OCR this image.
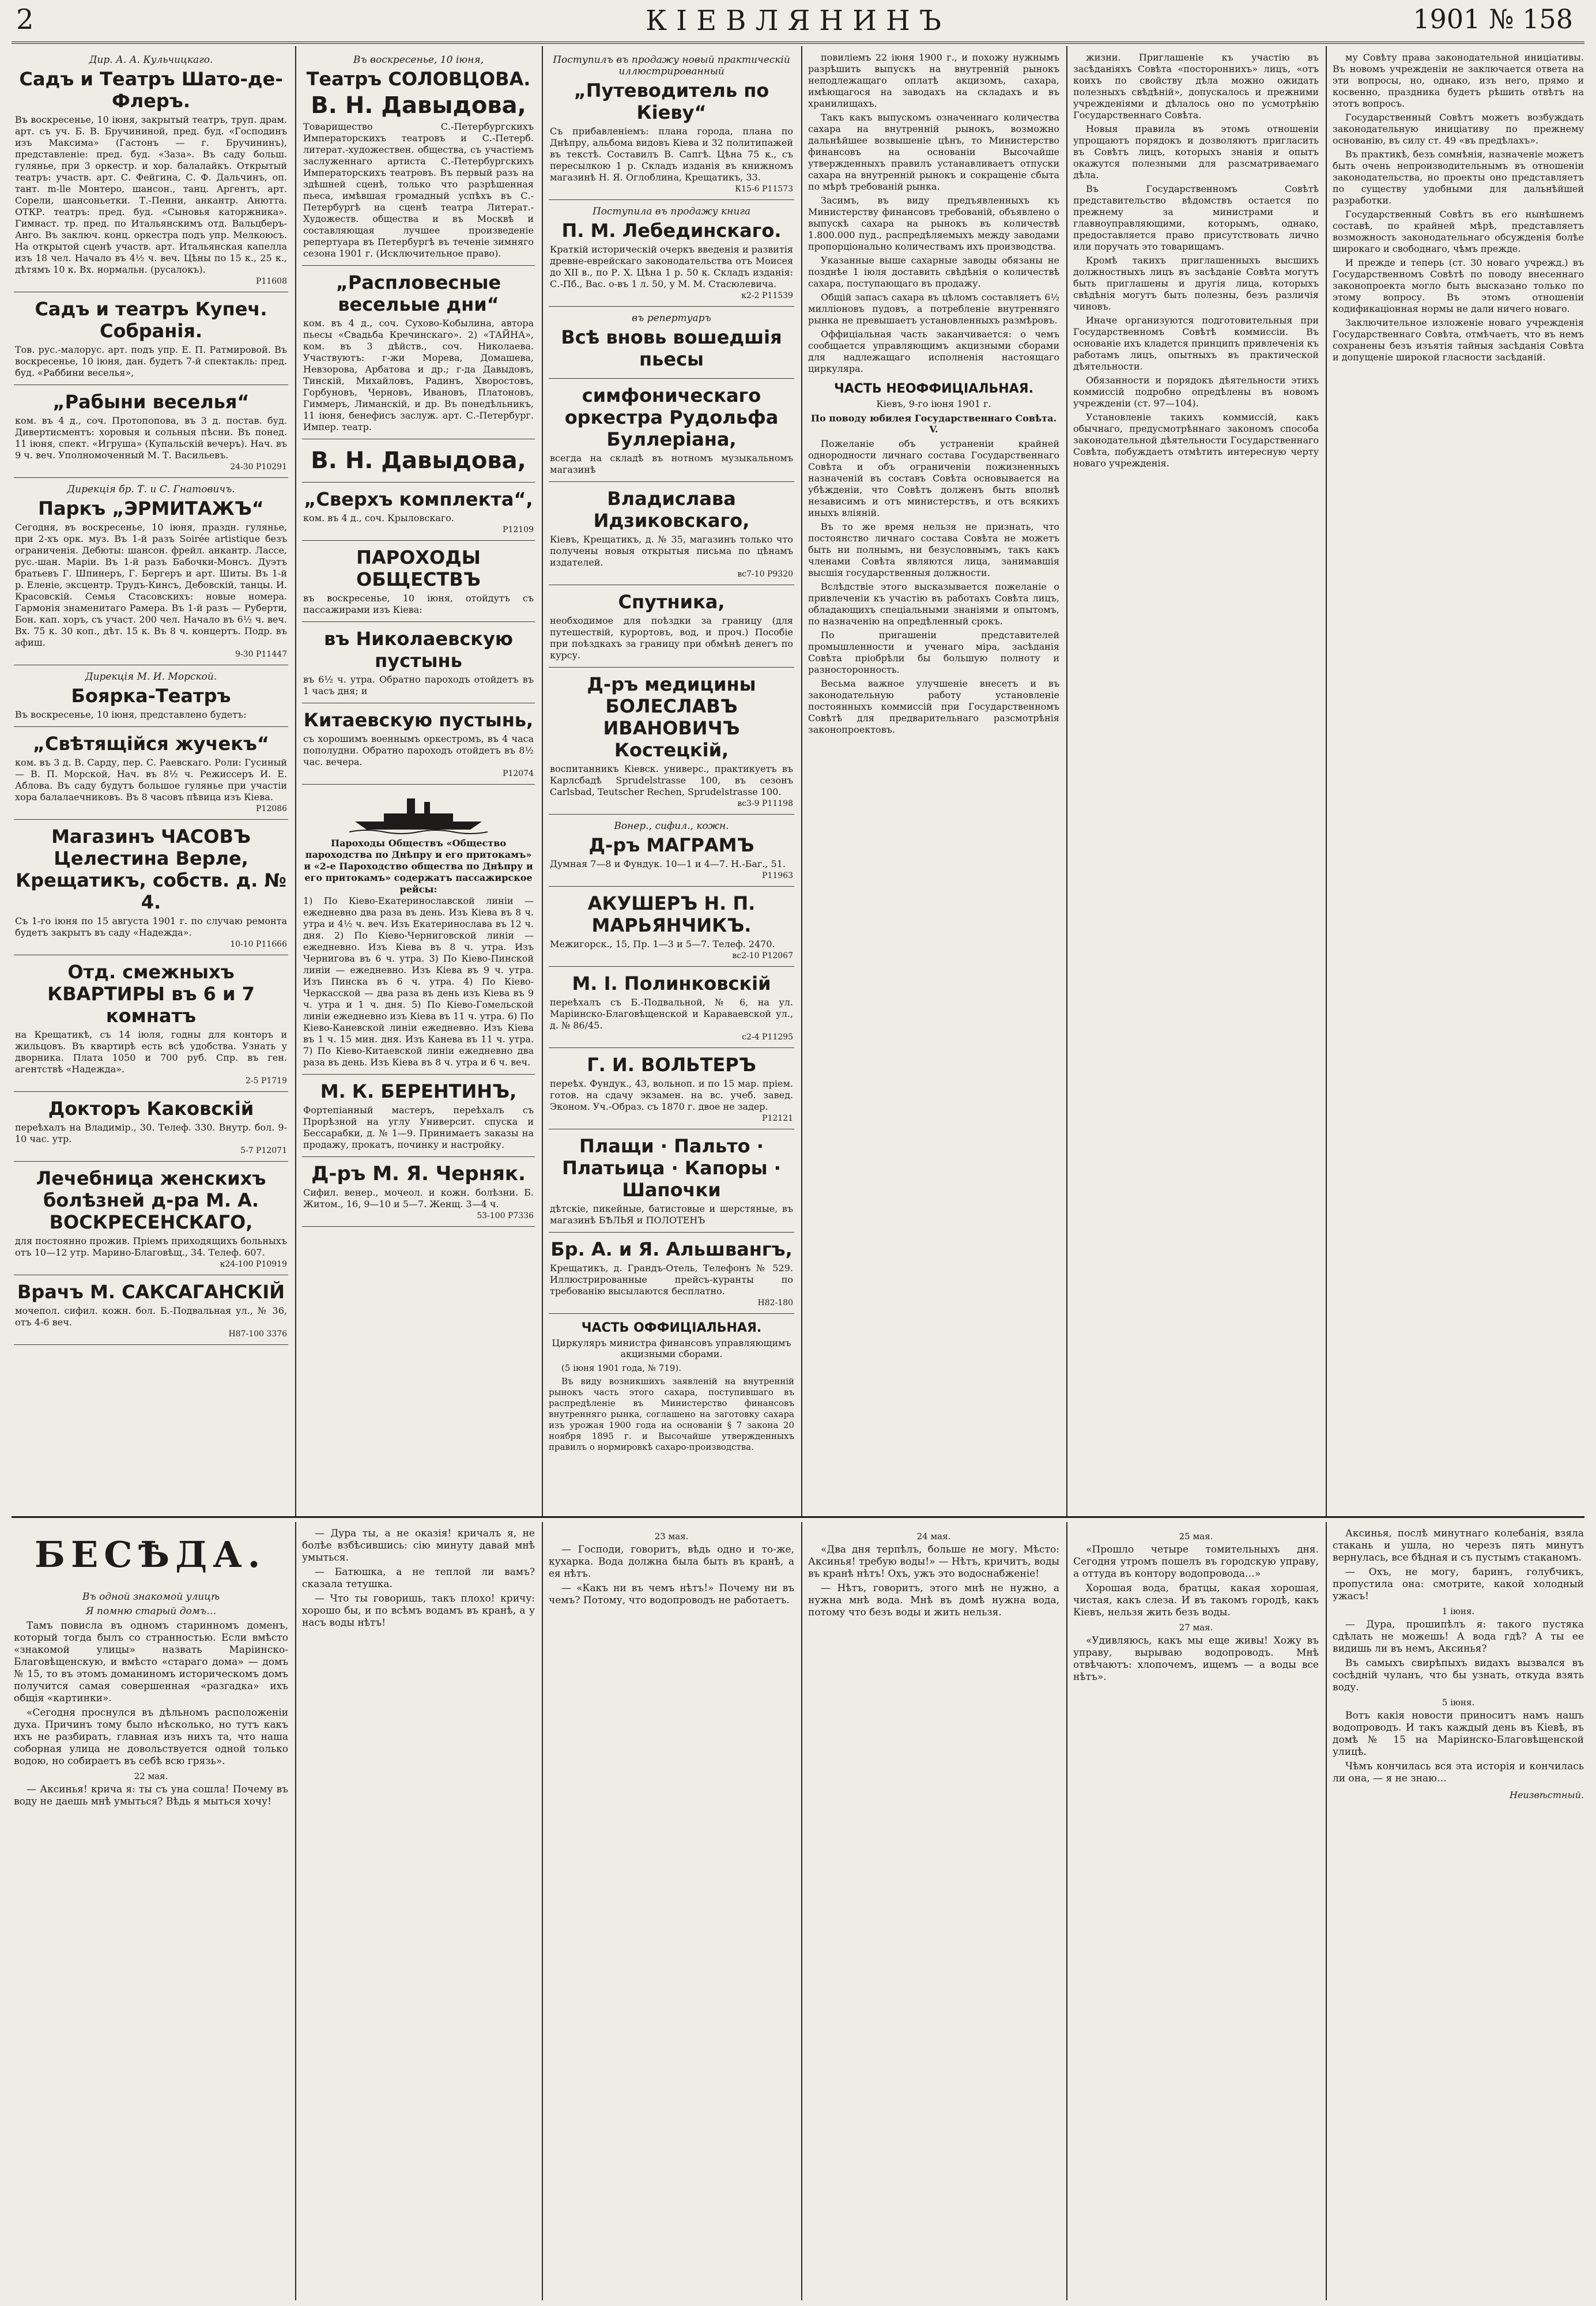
2	КІЕВЛЯНИНЪ	1901 № 158

Дир. А. А. Кульчицкаго.

Садъ и Театръ Шато-де-Флеръ.

Въ воскресенье, 10 іюня, закрытый театръ, труп. драм. арт. съ уч. Б. В. Бручининой, пред. буд. «Господинъ изъ Максима» (Гастонъ — г. Бручининъ), представленіе: пред. буд. «Заза». Въ саду больш. гулянье, при 3 оркестр. и хор. балалайкъ. Открытый театръ: участв. арт. С. Фейгина, С. Ф. Дальчинъ, оп. тант. m-lle Монтеро, шансон., танц. Аргентъ, арт. Сорели, шансоньетки. Т.-Пенни, анкантр. Анютта. ОТКР. театръ: пред. буд. «Сыновья каторжника». Гимнаст. тр. пред. по Итальянскимъ отд. Вальцберъ-Анго. Въ заключ. конц. оркестра подъ упр. Мелкоюсъ. На открытой сценѣ участв. арт. Итальянская капелла изъ 18 чел. Начало въ 4½ ч. веч. Цѣны по 15 к., 25 к., дѣтямъ 10 к. Вх. нормальн. (русалокъ).

Р11608

Садъ и театръ Купеч. Собранія.

Тов. рус.-малорус. арт. подъ упр. Е. П. Ратмировой. Въ воскресенье, 10 іюня, дан. будетъ 7-й спектакль: пред. буд. «Раббини веселья»,

„Рабыни веселья“

ком. въ 4 д., соч. Протопопова, въ 3 д. постав. буд. Дивертисментъ: хоровыя и сольныя пѣсни. Въ понед. 11 іюня, спект. «Игруша» (Купальскій вечеръ). Нач. въ 9 ч. веч. Уполномоченный М. Т. Васильевъ.

24-30 Р10291

Дирекція бр. Т. и С. Гнатовичъ.

Паркъ „ЭРМИТАЖЪ“

Сегодня, въ воскресенье, 10 іюня, праздн. гулянье, при 2-хъ орк. муз. Въ 1-й разъ Soirée artistique безъ ограниченія. Дебюты: шансон. фрейл. анкантр. Лассе, рус.-шан. Маріи. Въ 1-й разъ Бабочки-Монсъ. Дуэтъ братьевъ Г. Шпинеръ, Г. Бергеръ и арт. Шиты. Въ 1-й р. Еленіе, эксцентр. Трудъ-Кинсъ, Дебовскій, танцы. И. Красовскій. Семья Стасовскихъ: новые номера. Гармонія знаменитаго Рамера. Въ 1-й разъ — Руберти, Бон. кап. хоръ, съ участ. 200 чел. Начало въ 6½ ч. веч. Вх. 75 к. 30 коп., дѣт. 15 к. Въ 8 ч. концертъ. Подр. въ афиш.

9-30 Р11447

Дирекція М. И. Морской.

Боярка-Театръ

Въ воскресенье, 10 іюня, представлено будетъ:

„Свѣтящійся жучекъ“

ком. въ 3 д. В. Сарду, пер. С. Раевскаго. Роли: Гусиный — В. П. Морской, Нач. въ 8½ ч. Режиссеръ И. Е. Аблова. Въ саду будутъ большое гулянье при участіи хора балалаечниковъ. Въ 8 часовъ пѣвица изъ Кіева.

Р12086

Магазинъ ЧАСОВЪ Целестина Верле, Крещатикъ, собств. д. № 4.

Съ 1-го іюня по 15 августа 1901 г. по случаю ремонта будетъ закрытъ въ саду «Надежда».

10-10 Р11666

Отд. смежныхъ КВАРТИРЫ въ 6 и 7 комнатъ

на Крещатикѣ, съ 14 іюля, годны для конторъ и жильцовъ. Въ квартирѣ есть всѣ удобства. Узнать у дворника. Плата 1050 и 700 руб. Спр. въ ген. агентствѣ «Надежда».

2-5 Р1719

Докторъ Каковскій

переѣхалъ на Владимір., 30. Телеф. 330. Внутр. бол. 9-10 час. утр.

5-7 Р12071

Лечебница женскихъ болѣзней д-ра М. А. ВОСКРЕСЕНСКАГО,

для постоянно прожив. Пріемъ приходящихъ больныхъ отъ 10—12 утр. Марино-Благовѣщ., 34. Телеф. 607.

к24-100 Р10919

Врачъ М. САКСАГАНСКІЙ

мочепол. сифил. кожн. бол. Б.-Подвальная ул., № 36, отъ 4-6 веч.

Н87-100 3376

Въ воскресенье, 10 іюня,

Театръ СОЛОВЦОВА.

В. Н. Давыдова,

Товарищество С.-Петербургскихъ Императорскихъ театровъ и С.-Петерб. литерат.-художествен. общества, съ участіемъ заслуженнаго артиста С.-Петербургскихъ Императорскихъ театровъ. Въ первый разъ на здѣшней сценѣ, только что разрѣшенная пьеса, имѣвшая громадный успѣхъ въ С.-Петербургѣ на сценѣ театра Литерат.-Художеств. общества и въ Москвѣ и составляющая лучшее произведеніе репертуара въ Петербургѣ въ теченіе зимняго сезона 1901 г. (Исключительное право).

„Распловесные весельые дни“

ком. въ 4 д., соч. Сухово-Кобылина, автора пьесы «Свадьба Кречинскаго». 2) «ТАЙНА», ком. въ 3 дѣйств., соч. Николаева. Участвуютъ: г-жи Морева, Домашева, Невзорова, Арбатова и др.; г-да Давыдовъ, Тинскій, Михайловъ, Радинъ, Хворостовъ, Горбуновъ, Черновъ, Ивановъ, Платоновъ, Гиммеръ, Лиманскій, и др. Въ понедѣльникъ, 11 іюня, бенефисъ заслуж. арт. С.-Петербург. Импер. театр.

В. Н. Давыдова,

„Сверхъ комплекта“,

ком. въ 4 д., соч. Крыловскаго.

Р12109

ПАРОХОДЫ ОБЩЕСТВЪ

въ воскресенье, 10 іюня, отойдутъ съ пассажирами изъ Кіева:

въ Николаевскую пустынь

въ 6½ ч. утра. Обратно пароходъ отойдетъ въ 1 часъ дня; и

Китаевскую пустынь,

съ хорошимъ военнымъ оркестромъ, въ 4 часа пополудни. Обратно пароходъ отойдетъ въ 8½ час. вечера.

Р12074

Пароходы Обществъ «Общество пароходства по Днѣпру и его притокамъ» и «2-е Пароходство общества по Днѣпру и его притокамъ» содержатъ пассажирское рейсы:

1) По Кіево-Екатеринославской линіи — ежедневно два раза въ день. Изъ Кіева въ 8 ч. утра и 4½ ч. веч. Изъ Екатеринослава въ 12 ч. дня. 2) По Кіево-Черниговской линіи — ежедневно. Изъ Кіева въ 8 ч. утра. Изъ Чернигова въ 6 ч. утра. 3) По Кіево-Пинской линіи — ежедневно. Изъ Кіева въ 9 ч. утра. Изъ Пинска въ 6 ч. утра. 4) По Кіево-Черкасской — два раза въ день изъ Кіева въ 9 ч. утра и 1 ч. дня. 5) По Кіево-Гомельской линіи ежедневно изъ Кіева въ 11 ч. утра. 6) По Кіево-Каневской линіи ежедневно. Изъ Кіева въ 1 ч. 15 мин. дня. Изъ Канева въ 11 ч. утра. 7) По Кіево-Китаевской линіи ежедневно два раза въ день. Изъ Кіева въ 8 ч. утра и 6 ч. веч.

М. К. БЕРЕНТИНЪ,

Фортепіанный мастеръ, переѣхалъ съ Прорѣзной на углу Университ. спуска и Бессарабки, д. № 1—9. Принимаетъ заказы на продажу, прокатъ, починку и настройку.

Д-ръ М. Я. Черняк.

Сифил. венер., мочеол. и кожн. болѣзни. Б. Житом., 16, 9—10 и 5—7. Женщ. 3—4 ч.

53-100 Р7336

Поступилъ въ продажу новый практическій иллюстрированный

„Путеводитель по Кіеву“

Съ прибавленіемъ: плана города, плана по Днѣпру, альбома видовъ Кіева и 32 политипажей въ текстѣ. Составилъ В. Сапгѣ. Цѣна 75 к., съ пересылкою 1 р. Складъ изданія въ книжномъ магазинѣ Н. Я. Оглоблина, Крещатикъ, 33.

К15-6 Р11573

Поступила въ продажу книга

П. М. Лебединскаго.

Краткій историческій очеркъ введенія и развитія древне-еврейскаго законодательства отъ Моисея до XII в., по Р. Х. Цѣна 1 р. 50 к. Складъ изданія: С.-Пб., Вас. о-въ 1 л. 50, у М. М. Стасюлевича.

к2-2 Р11539

въ репертуаръ

Всѣ вновь вошедшія пьесы

симфоническаго оркестра Рудольфа Буллеріана,

всегда на складѣ въ нотномъ музыкальномъ магазинѣ

Владислава Идзиковскаго,

Кіевъ, Крещатикъ, д. № 35, магазинъ только что получены новыя открытыя письма по цѣнамъ издателей.

вс7-10 Р9320

Спутника,

необходимое для поѣздки за границу (для путешествій, курортовъ, вод, и проч.) Пособіе при поѣздкахъ за границу при обмѣнѣ денегъ по курсу.

Д-ръ медицины БОЛЕСЛАВЪ ИВАНОВИЧЪ Костецкій,

воспитанникъ Кіевск. универс., практикуетъ въ Карлсбадѣ Sprudelstrasse 100, въ сезонъ Carlsbad, Teutscher Rechen, Sprudelstrasse 100.

вс3-9 Р11198

Вонер., сифил., кожн.

Д-ръ МАГРАМЪ

Думная 7—8 и Фундук. 10—1 и 4—7. Н.-Баг., 51.

Р11963

АКУШЕРЪ Н. П. МАРЬЯНЧИКЪ.

Межигорск., 15, Пр. 1—3 и 5—7. Телеф. 2470.

вс2-10 Р12067

М. І. Полинковскій

переѣхалъ съ Б.-Подвальной, № 6, на ул. Маріинско-Благовѣщенской и Караваевской ул., д. № 86/45.

с2-4 Р11295

Г. И. ВОЛЬТЕРЪ

переѣх. Фундук., 43, вольноп. и по 15 мар. пріем. готов. на сдачу экзамен. на вс. учеб. завед. Эконом. Уч.-Образ. съ 1870 г. двое не задер.

Р12121

Плащи · Пальто · Платьица · Капоры · Шапочки

дѣтскіе, пикейные, батистовые и шерстяные, въ магазинѣ БѢЛЬЯ и ПОЛОТЕНЪ

Бр. А. и Я. Альшвангъ,

Крещатикъ, д. Грандъ-Отель, Телефонъ № 529. Иллюстрированные прейсъ-куранты по требованію высылаются бесплатно.

Н82-180

ЧАСТЬ ОФФИЦІАЛЬНАЯ.

Циркуляръ министра финансовъ управляющимъ акцизными сборами.

(5 іюня 1901 года, № 719).

Въ виду возникшихъ заявленій на внутренній рынокъ часть этого сахара, поступившаго въ распредѣленіе въ Министерство финансовъ внутренняго рынка, соглашено на заготовку сахара изъ урожая 1900 года на основаніи § 7 закона 20 ноября 1895 г. и Высочайше утвержденныхъ правилъ о нормировкѣ сахаро-производства.

повиліемъ 22 іюня 1900 г., и похожу нужнымъ разрѣшить выпускъ на внутренній рынокъ неподлежащаго оплатѣ акцизомъ, сахара, имѣющагося на заводахъ на складахъ и въ хранилищахъ.

Такъ какъ выпускомъ означеннаго количества сахара на внутренній рынокъ, возможно дальнѣйшее возвышеніе цѣнъ, то Министерство финансовъ на основаніи Высочайше утвержденныхъ правилъ устанавливаетъ отпуски сахара на внутренній рынокъ и сокращеніе сбыта по мѣрѣ требованій рынка.

Засимъ, въ виду предъявленныхъ къ Министерству финансовъ требованій, объявлено о выпускѣ сахара на рынокъ въ количествѣ 1.800.000 пуд., распредѣляемыхъ между заводами пропорціонально количествамъ ихъ производства.

Указанные выше сахарные заводы обязаны не позднѣе 1 іюля доставить свѣдѣнія о количествѣ сахара, поступающаго въ продажу.

Общій запасъ сахара въ цѣломъ составляетъ 6½ милліоновъ пудовъ, а потребленіе внутренняго рынка не превышаетъ установленныхъ размѣровъ.

Оффиціальная часть заканчивается: о чемъ сообщается управляющимъ акцизными сборами для надлежащаго исполненія настоящаго циркуляра.

ЧАСТЬ НЕОФФИЦІАЛЬНАЯ.

Кіевъ, 9-го іюня 1901 г.

По поводу юбилея Государственнаго Совѣта. V.

Пожеланіе объ устраненіи крайней однородности личнаго состава Государственнаго Совѣта и объ ограниченіи пожизненныхъ назначеній въ составъ Совѣта основывается на убѣжденіи, что Совѣтъ долженъ быть вполнѣ независимъ и отъ министерствъ, и отъ всякихъ иныхъ вліяній.

Въ то же время нельзя не признать, что постоянство личнаго состава Совѣта не можетъ быть ни полнымъ, ни безусловнымъ, такъ какъ членами Совѣта являются лица, занимавшія высшія государственныя должности.

Вслѣдствіе этого высказывается пожеланіе о привлеченіи къ участію въ работахъ Совѣта лицъ, обладающихъ спеціальными знаніями и опытомъ, по назначенію на опредѣленный срокъ.

По пригашеніи представителей промышленности и ученаго міра, засѣданія Совѣта пріобрѣли бы большую полноту и разносторонность.

Весьма важное улучшеніе внесетъ и въ законодательную работу установленіе постоянныхъ коммиссій при Государственномъ Совѣтѣ для предварительнаго разсмотрѣнія законопроектовъ.

жизни. Приглашеніе къ участію въ засѣданіяхъ Совѣта «постороннихъ» лицъ, «отъ коихъ по свойству дѣла можно ожидать полезныхъ свѣдѣній», допускалось и прежними учрежденіями и дѣлалось оно по усмотрѣнію Государственнаго Совѣта.

Новыя правила въ этомъ отношеніи упрощаютъ порядокъ и дозволяютъ пригласить въ Совѣтъ лицъ, которыхъ знанія и опытъ окажутся полезными для разсматриваемаго дѣла.

Въ Государственномъ Совѣтѣ представительство вѣдомствъ остается по прежнему за министрами и главноуправляющими, которымъ, однако, предоставляется право присутствовать лично или поручать это товарищамъ.

Кромѣ такихъ приглашенныхъ высшихъ должностныхъ лицъ въ засѣданіе Совѣта могутъ быть приглашены и другія лица, которыхъ свѣдѣнія могутъ быть полезны, безъ различія чиновъ.

Иначе организуются подготовительныя при Государственномъ Совѣтѣ коммиссіи. Въ основаніе ихъ кладется принципъ привлеченія къ работамъ лицъ, опытныхъ въ практической дѣятельности.

Обязанности и порядокъ дѣятельности этихъ коммиссій подробно опредѣлены въ новомъ учрежденіи (ст. 97—104).

Установленіе такихъ коммиссій, какъ обычнаго, предусмотрѣннаго закономъ способа законодательной дѣятельности Государственнаго Совѣта, побуждаетъ отмѣтить интересную черту новаго учрежденія.

му Совѣту права законодательной иниціативы. Въ новомъ учрежденіи не заключается ответа на эти вопросы, но, однако, изъ него, прямо и косвенно, праздника будетъ рѣшить отвѣтъ на этотъ вопросъ.

Государственный Совѣтъ можетъ возбуждать законодательную иниціативу по прежнему основанію, въ силу ст. 49 «въ предѣлахъ».

Въ практикѣ, безъ сомнѣнія, назначеніе можетъ быть очень непроизводительнымъ въ отношеніи законодательства, но проекты оно представляетъ по существу удобными для дальнѣйшей разработки.

Государственный Совѣтъ въ его нынѣшнемъ составѣ, по крайней мѣрѣ, представляетъ возможность законодательнаго обсужденія болѣе широкаго и свободнаго, чѣмъ прежде.

И прежде и теперь (ст. 30 новаго учрежд.) въ Государственномъ Совѣтѣ по поводу внесеннаго законопроекта могло быть высказано только по этому вопросу. Въ этомъ отношеніи кодификаціонная нормы не дали ничего новаго.

Заключительное изложеніе новаго учрежденія Государственнаго Совѣта, отмѣчаетъ, что въ немъ сохранены безъ изъятія тайныя засѣданія Совѣта и допущеніе широкой гласности засѣданій.

БЕСѢДА.

Въ одной знакомой улицѣ

Я помню старый домъ…

Тамъ повисла въ одномъ старинномъ доменъ, который тогда былъ со странностью. Если вмѣсто «знакомой улицы» назвать Маріинско-Благовѣщенскую, и вмѣсто «стараго дома» — домъ № 15, то въ этомъ доманиномъ историческомъ домъ получится самая совершенная «разгадка» ихъ общія «картинки».

«Сегодня проснулся въ дѣльномъ расположеніи духа. Причинъ тому было нѣсколько, но тутъ какъ ихъ не разбирать, главная изъ нихъ та, что наша соборная улица не довольствуется одной только водою, но собираетъ въ себѣ всю грязь».

22 мая.

— Аксинья! крича я: ты съ уна сошла! Почему въ воду не даешь мнѣ умыться? Вѣдь я мыться хочу!

— Дура ты, а не оказія! кричалъ я, не болѣе взбѣсившись: сію минуту давай мнѣ умыться.

— Батюшка, а не теплой ли вамъ? сказала тетушка.

— Что ты говоришь, такъ плохо! кричу: хорошо бы, и по всѣмъ водамъ въ кранѣ, а у насъ воды нѣтъ!

23 мая.

— Господи, говоритъ, вѣдь одно и то-же, кухарка. Вода должна была быть въ кранѣ, а ея нѣтъ.

— «Какъ ни въ чемъ нѣтъ!» Почему ни въ чемъ? Потому, что водопроводъ не работаетъ.

24 мая.

«Два дня терпѣлъ, больше не могу. Мѣсто: Аксинья! требую воды!» — Нѣтъ, кричитъ, воды въ кранѣ нѣтъ! Охъ, ужъ это водоснабженіе!

— Нѣтъ, говоритъ, этого мнѣ не нужно, а нужна мнѣ вода. Мнѣ въ домѣ нужна вода, потому что безъ воды и жить нельзя.

25 мая.

«Прошло четыре томительныхъ дня. Сегодня утромъ пошелъ въ городскую управу, а оттуда въ контору водопровода…»

Хорошая вода, братцы, какая хорошая, чистая, какъ слеза. И въ такомъ городѣ, какъ Кіевъ, нельзя жить безъ воды.

27 мая.

«Удивляюсь, какъ мы еще живы! Хожу въ управу, вырываю водопроводъ. Мнѣ отвѣчаютъ: хлопочемъ, ищемъ — а воды все нѣтъ».

Аксинья, послѣ минутнаго колебанія, взяла стакань и ушла, но черезъ пять минутъ вернулась, все бѣдная и съ пустымъ стаканомъ.

— Охъ, не могу, баринъ, голубчикъ, пропустила она: смотрите, какой холодный ужасъ!

1 іюня.

— Дура, прошипѣлъ я: такого пустяка сдѣлать не можешь! А вода гдѣ? А ты ее видишь ли въ немъ, Аксинья?

Въ самыхъ свирѣпыхъ видахъ вызвался въ сосѣдній чуланъ, что бы узнать, откуда взять воду.

5 іюня.

Вотъ какія новости приноситъ намъ нашъ водопроводъ. И такъ каждый день въ Кіевѣ, въ домѣ № 15 на Маріинско-Благовѣщенской улицѣ.

Чѣмъ кончилась вся эта исторія и кончилась ли она, — я не знаю…

Неизвѣстный.
